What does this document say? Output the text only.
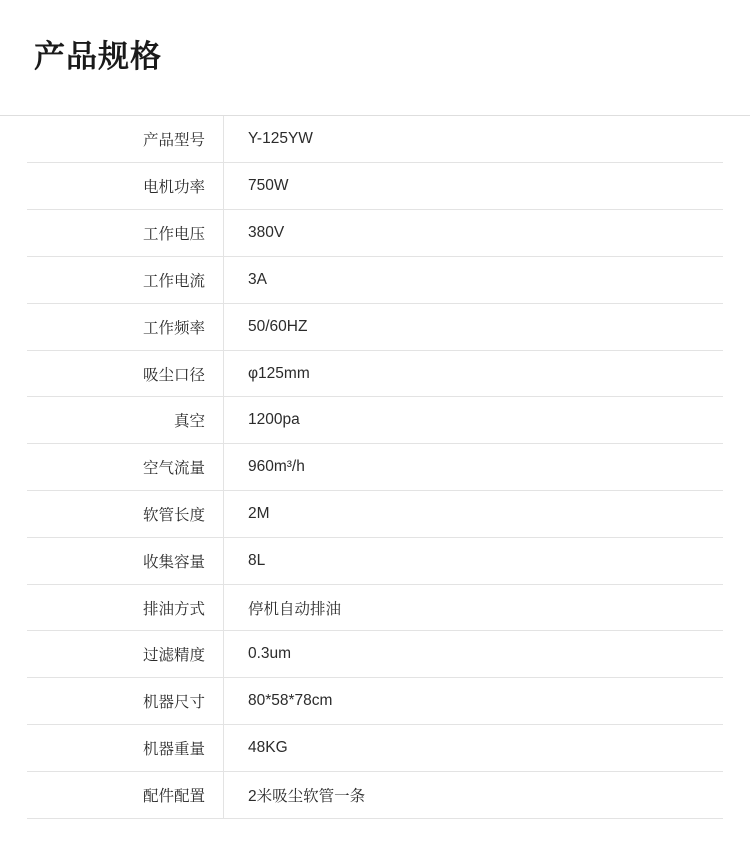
产品规格
产品型号	Y-125YW
电机功率	750W
工作电压	380V
工作电流	3A
工作频率	50/60HZ
吸尘口径	φ125mm
真空	1200pa
空气流量	960m³/h
软管长度	2M
收集容量	8L
排油方式	停机自动排油
过滤精度	0.3um
机器尺寸	80*58*78cm
机器重量	48KG
配件配置	2米吸尘软管一条
